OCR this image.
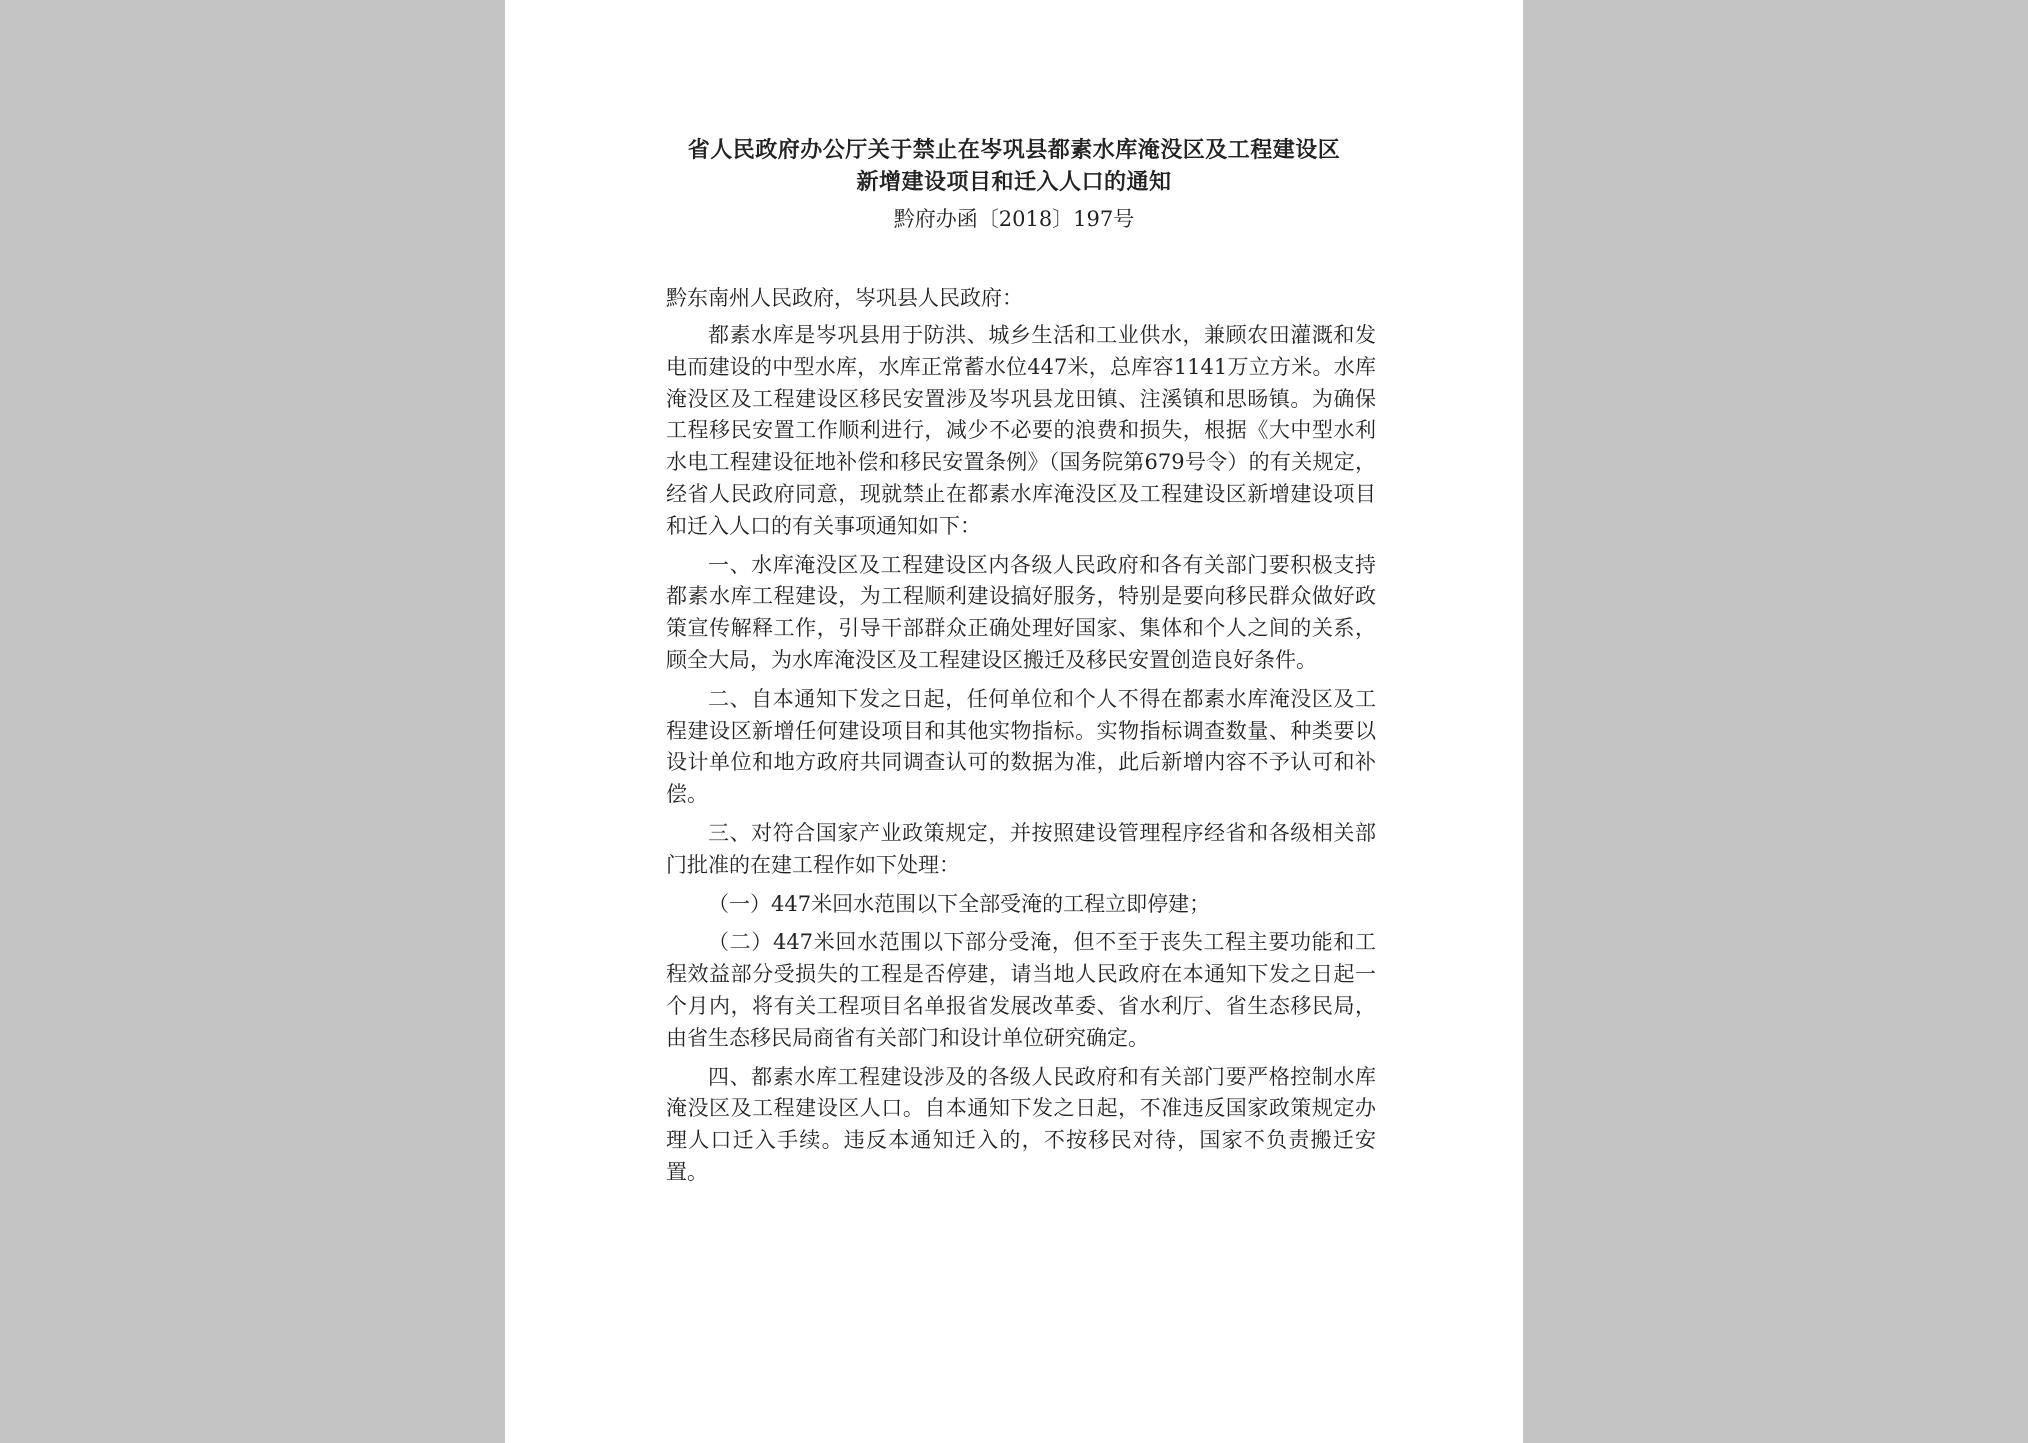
省人民政府办公厅关于禁止在岑巩县都素水库淹没区及工程建设区
新增建设项目和迁入人口的通知
黔府办函〔2018〕197号
黔东南州人民政府，岑巩县人民政府：

都素水库是岑巩县用于防洪、城乡生活和工业供水，兼顾农田灌溉和发电而建设的中型水库，水库正常蓄水位447米，总库容1141万立方米。水库淹没区及工程建设区移民安置涉及岑巩县龙田镇、注溪镇和思旸镇。为确保工程移民安置工作顺利进行，减少不必要的浪费和损失，根据《大中型水利水电工程建设征地补偿和移民安置条例》（国务院第679号令）的有关规定，经省人民政府同意，现就禁止在都素水库淹没区及工程建设区新增建设项目和迁入人口的有关事项通知如下：

一、水库淹没区及工程建设区内各级人民政府和各有关部门要积极支持都素水库工程建设，为工程顺利建设搞好服务，特别是要向移民群众做好政策宣传解释工作，引导干部群众正确处理好国家、集体和个人之间的关系，顾全大局，为水库淹没区及工程建设区搬迁及移民安置创造良好条件。

二、自本通知下发之日起，任何单位和个人不得在都素水库淹没区及工程建设区新增任何建设项目和其他实物指标。实物指标调查数量、种类要以设计单位和地方政府共同调查认可的数据为准，此后新增内容不予认可和补偿。

三、对符合国家产业政策规定，并按照建设管理程序经省和各级相关部门批准的在建工程作如下处理：

（一）447米回水范围以下全部受淹的工程立即停建；

（二）447米回水范围以下部分受淹，但不至于丧失工程主要功能和工程效益部分受损失的工程是否停建，请当地人民政府在本通知下发之日起一个月内，将有关工程项目名单报省发展改革委、省水利厅、省生态移民局，由省生态移民局商省有关部门和设计单位研究确定。

四、都素水库工程建设涉及的各级人民政府和有关部门要严格控制水库淹没区及工程建设区人口。自本通知下发之日起，不准违反国家政策规定办理人口迁入手续。违反本通知迁入的，不按移民对待，国家不负责搬迁安置。
